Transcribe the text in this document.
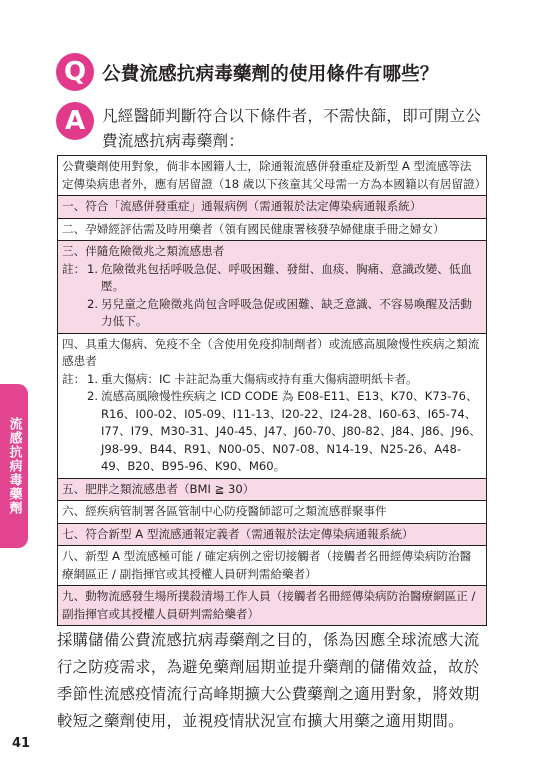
Q 公費流感抗病毒藥劑的使用條件有哪些？
A	凡經醫師判斷符合以下條件者，不需快篩，即可開立公費流感抗病毒藥劑：
流感抗病毒藥劑
公費藥劑使用對象，倘非本國籍人士，除通報流感併發重症及新型 A 型流感等法定傳染病患者外，應有居留證（18 歲以下孩童其父母需一方為本國籍以有居留證）
一、符合「流感併發重症」通報病例（需通報於法定傳染病通報系統）
二、孕婦經評估需及時用藥者（領有國民健康署核發孕婦健康手冊之婦女）
三、伴隨危險徵兆之類流感患者
註： 1. 危險徵兆包括呼吸急促、呼吸困難、發紺、血痰、胸痛、意識改變、低血壓。
2. 另兒童之危險徵兆尚包含呼吸急促或困難、缺乏意識、不容易喚醒及活動力低下。
四、具重大傷病、免疫不全（含使用免疫抑制劑者）或流感高風險慢性疾病之類流感患者
註： 1. 重大傷病：IC 卡註記為重大傷病或持有重大傷病證明紙卡者。
2. 流感高風險慢性疾病之 ICD CODE 為 E08-E11、E13、K70、K73-76、R16、I00-02、I05-09、I11-13、I20-22、I24-28、I60-63、I65-74、I77、I79、M30-31、J40-45、J47、J60-70、J80-82、J84、J86、J96、J98-99、B44、R91、N00-05、N07-08、N14-19、N25-26、A48-49、B20、B95-96、K90、M60。
五、肥胖之類流感患者（BMI ≧ 30）
六、經疾病管制署各區管制中心防疫醫師認可之類流感群聚事件
七、符合新型 A 型流感通報定義者（需通報於法定傳染病通報系統）
八、新型 A 型流感極可能 / 確定病例之密切接觸者（接觸者名冊經傳染病防治醫療網區正 / 副指揮官或其授權人員研判需給藥者）
九、動物流感發生場所撲殺清場工作人員（接觸者名冊經傳染病防治醫療網區正 / 副指揮官或其授權人員研判需給藥者）
採購儲備公費流感抗病毒藥劑之目的，係為因應全球流感大流行之防疫需求，為避免藥劑屆期並提升藥劑的儲備效益，故於季節性流感疫情流行高峰期擴大公費藥劑之適用對象，將效期較短之藥劑使用，並視疫情狀況宣布擴大用藥之適用期間。
41
